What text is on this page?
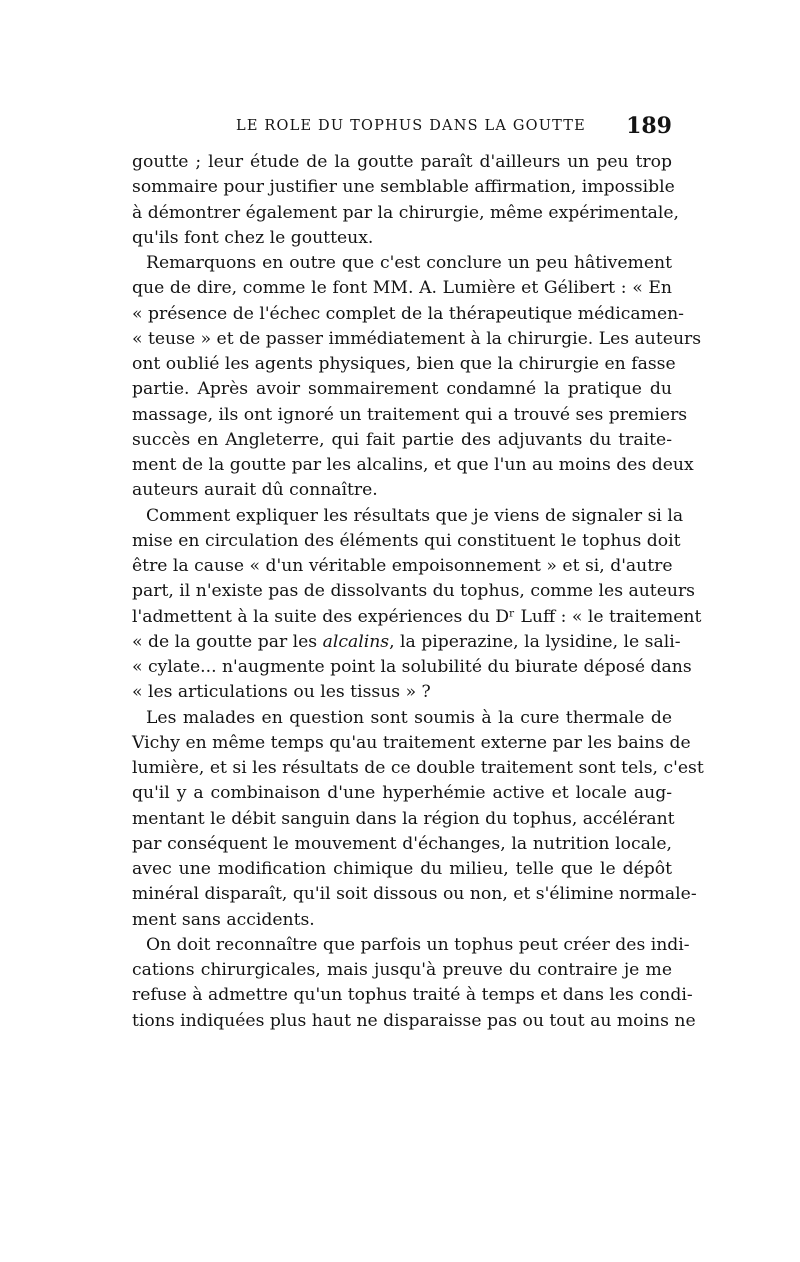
LE ROLE DU TOPHUS DANS LA GOUTTE 189
goutte ; leur étude de la goutte paraît d'ailleurs un peu trop
sommaire pour justifier une semblable affirmation, impossible
à démontrer également par la chirurgie, même expérimentale,
qu'ils font chez le goutteux.
Remarquons en outre que c'est conclure un peu hâtivement
que de dire, comme le font MM. A. Lumière et Gélibert : « En
« présence de l'échec complet de la thérapeutique médicamen-
« teuse » et de passer immédiatement à la chirurgie. Les auteurs
ont oublié les agents physiques, bien que la chirurgie en fasse
partie. Après avoir sommairement condamné la pratique du
massage, ils ont ignoré un traitement qui a trouvé ses premiers
succès en Angleterre, qui fait partie des adjuvants du traite-
ment de la goutte par les alcalins, et que l'un au moins des deux
auteurs aurait dû connaître.
Comment expliquer les résultats que je viens de signaler si la
mise en circulation des éléments qui constituent le tophus doit
être la cause « d'un véritable empoisonnement » et si, d'autre
part, il n'existe pas de dissolvants du tophus, comme les auteurs
l'admettent à la suite des expériences du Dʳ Luff : « le traitement
« de la goutte par les alcalins, la piperazine, la lysidine, le sali-
« cylate... n'augmente point la solubilité du biurate déposé dans
« les articulations ou les tissus » ?
Les malades en question sont soumis à la cure thermale de
Vichy en même temps qu'au traitement externe par les bains de
lumière, et si les résultats de ce double traitement sont tels, c'est
qu'il y a combinaison d'une hyperhémie active et locale aug-
mentant le débit sanguin dans la région du tophus, accélérant
par conséquent le mouvement d'échanges, la nutrition locale,
avec une modification chimique du milieu, telle que le dépôt
minéral disparaît, qu'il soit dissous ou non, et s'élimine normale-
ment sans accidents.
On doit reconnaître que parfois un tophus peut créer des indi-
cations chirurgicales, mais jusqu'à preuve du contraire je me
refuse à admettre qu'un tophus traité à temps et dans les condi-
tions indiquées plus haut ne disparaisse pas ou tout au moins ne
